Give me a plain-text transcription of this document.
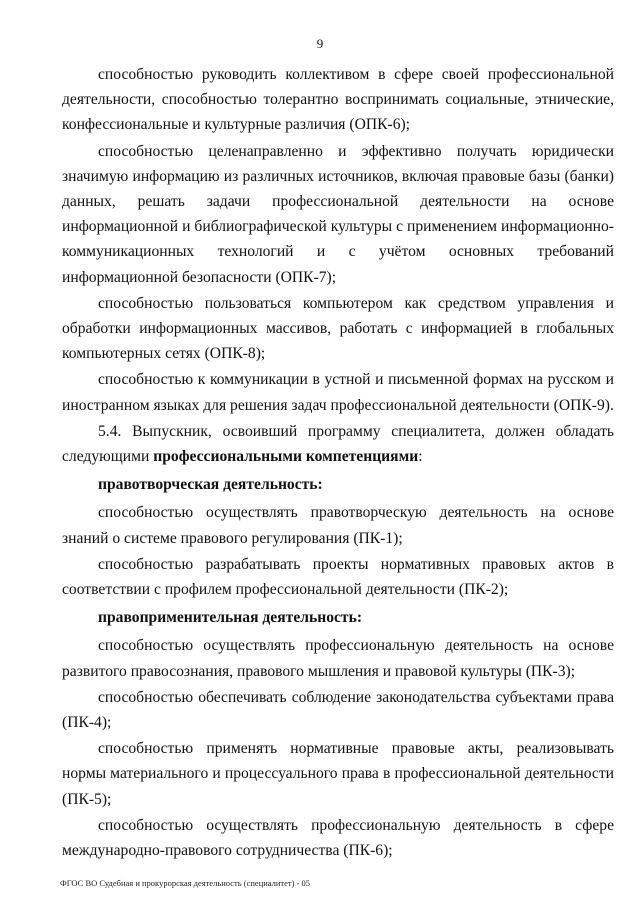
9

способностью руководить коллективом в сфере своей профессиональной деятельности, способностью толерантно воспринимать социальные, этнические, конфессиональные и культурные различия (ОПК-6);

способностью целенаправленно и эффективно получать юридически значимую информацию из различных источников, включая правовые базы (банки) данных, решать задачи профессиональной деятельности на основе информационной и библиографической культуры с применением информационно-коммуникационных технологий и с учётом основных требований информационной безопасности (ОПК-7);

способностью пользоваться компьютером как средством управления и обработки информационных массивов, работать с информацией в глобальных компьютерных сетях (ОПК-8);

способностью к коммуникации в устной и письменной формах на русском и иностранном языках для решения задач профессиональной деятельности (ОПК-9).

5.4. Выпускник, освоивший программу специалитета, должен обладать следующими профессиональными компетенциями:

правотворческая деятельность:

способностью осуществлять правотворческую деятельность на основе знаний о системе правового регулирования (ПК-1);

способностью разрабатывать проекты нормативных правовых актов в соответствии с профилем профессиональной деятельности (ПК-2);

правоприменительная деятельность:

способностью осуществлять профессиональную деятельность на основе развитого правосознания, правового мышления и правовой культуры (ПК-3);

способностью обеспечивать соблюдение законодательства субъектами права (ПК-4);

способностью применять нормативные правовые акты, реализовывать нормы материального и процессуального права в профессиональной деятельности (ПК-5);

способностью осуществлять профессиональную деятельность в сфере международно-правового сотрудничества (ПК-6);

ФГОС ВО Судебная и прокурорская деятельность (специалитет) - 05
